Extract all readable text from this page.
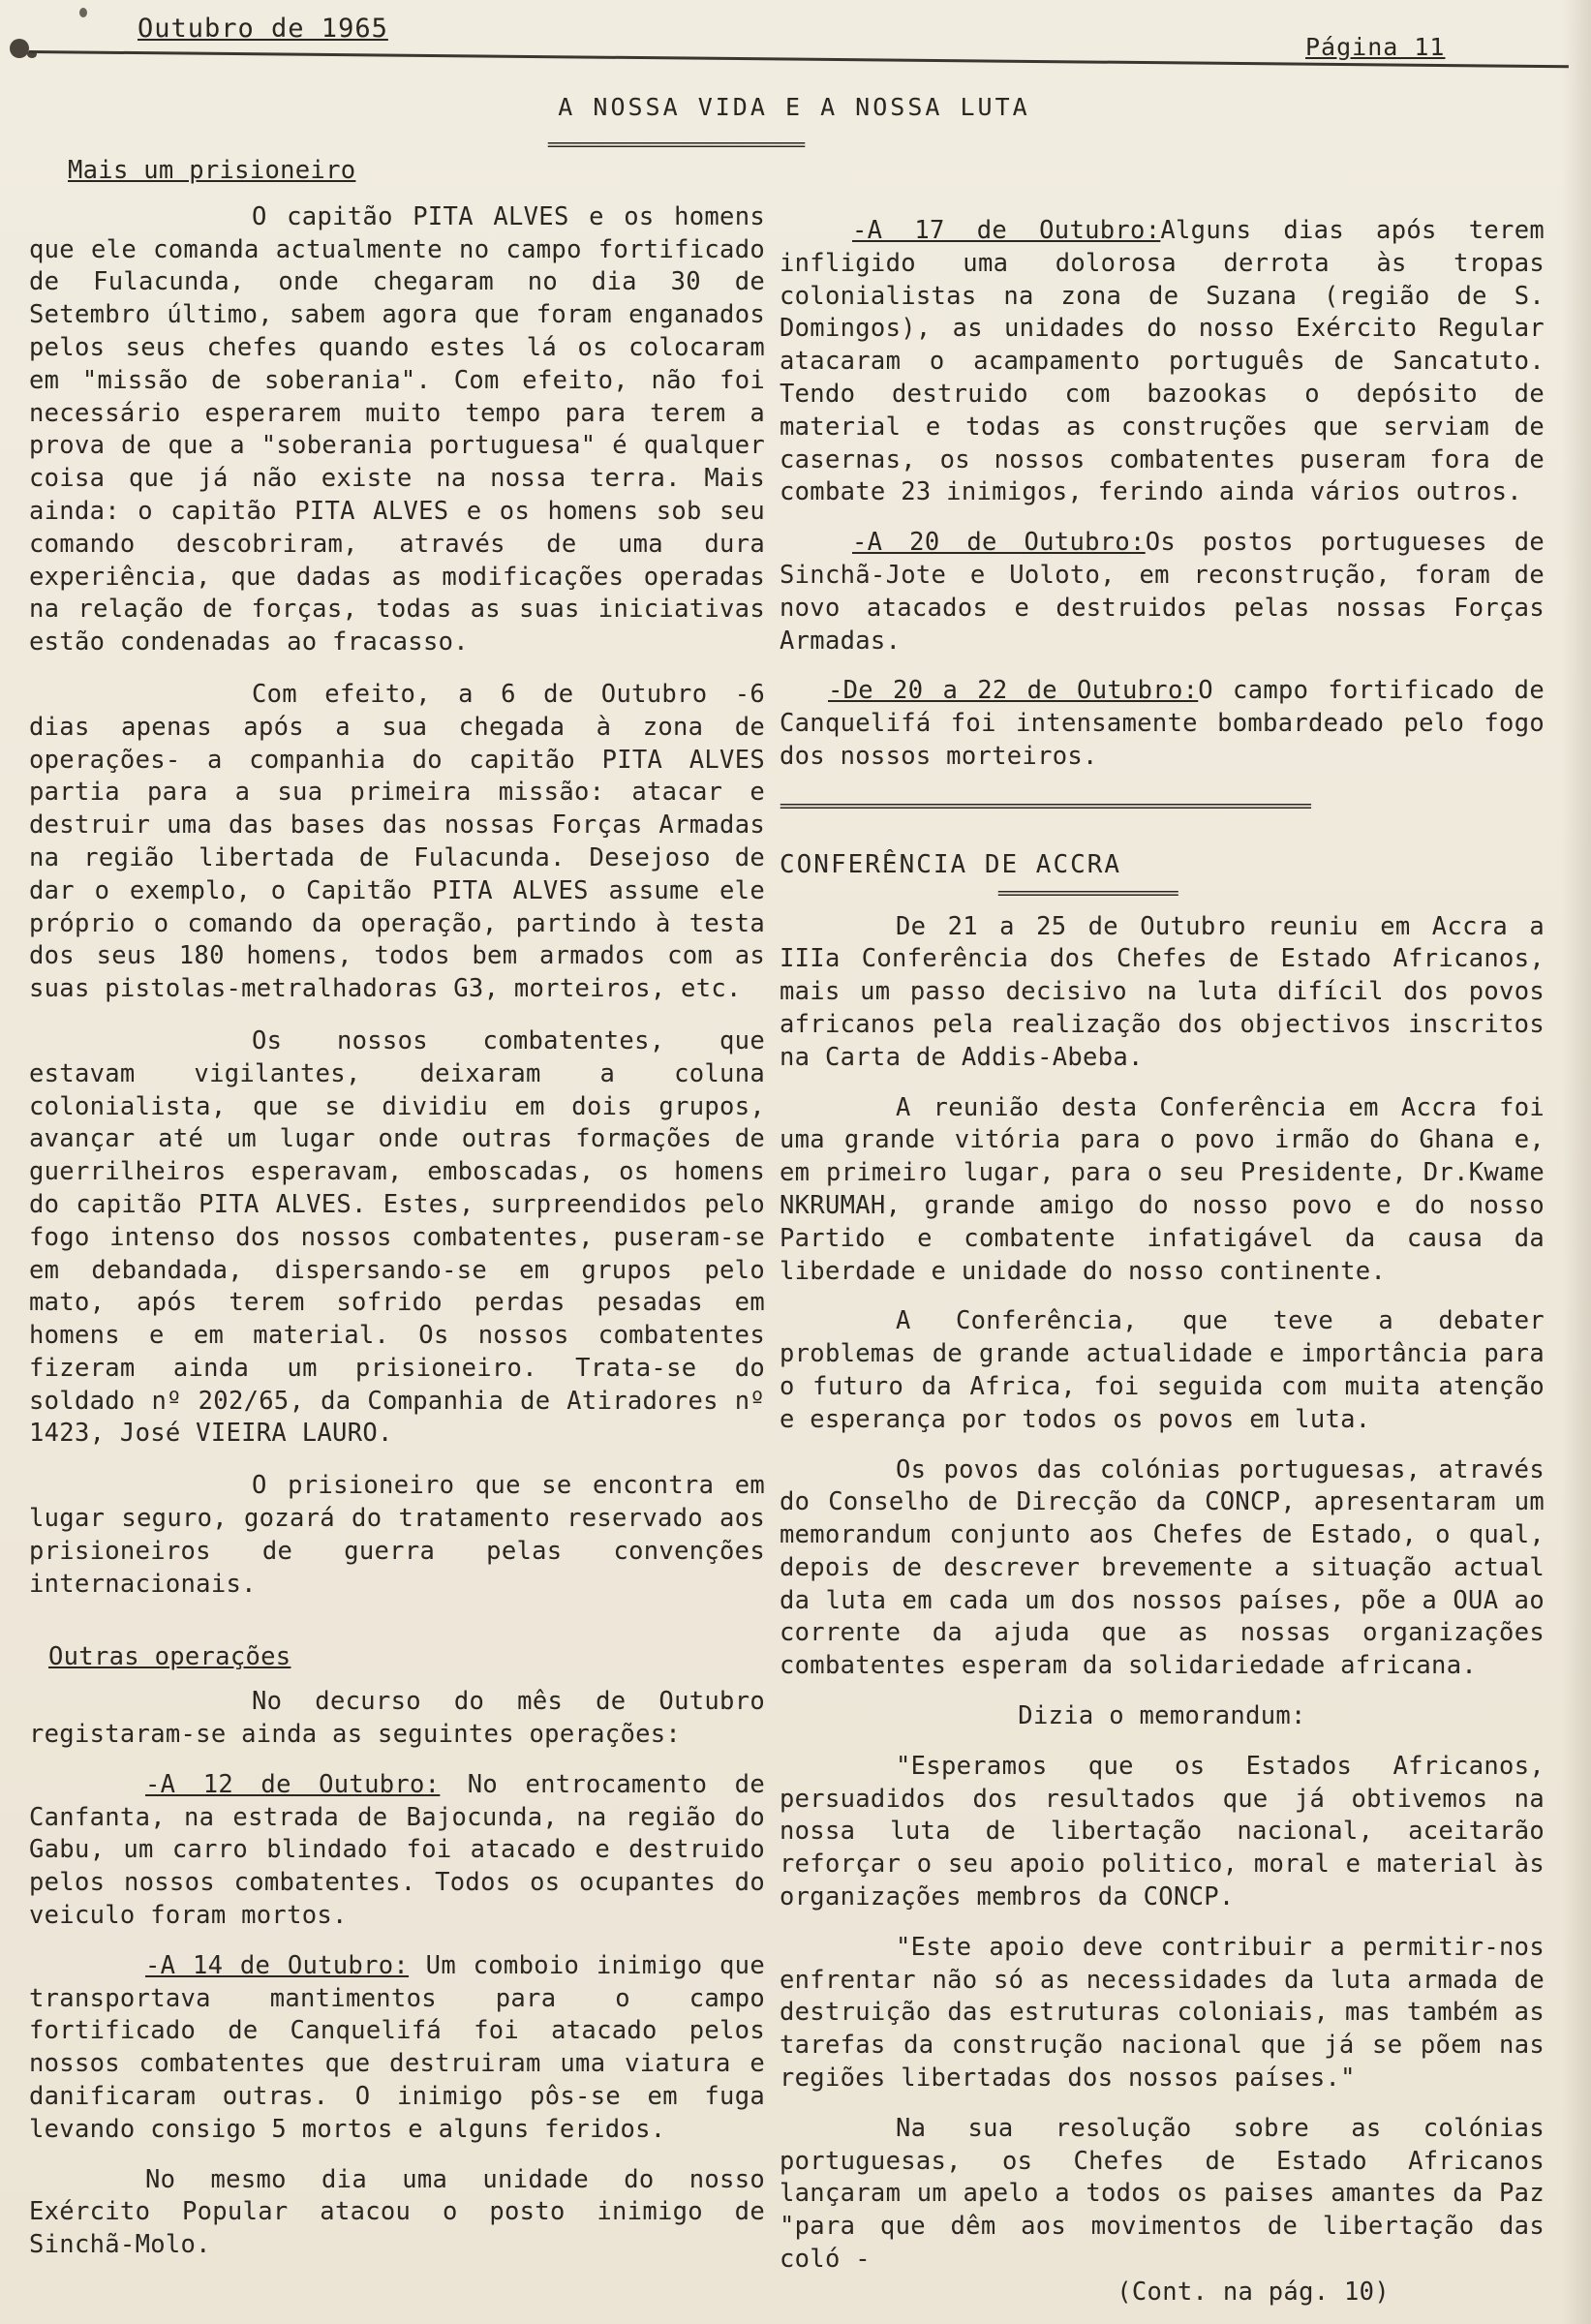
Outubro de 1965
Página 11
A NOSSA VIDA E A NOSSA LUTA
==============================

Mais um prisioneiro

O capitão PITA ALVES e os homens que ele comanda actualmente no campo fortificado de Fulacunda, onde chegaram no dia 30 de Setembro último, sabem agora que foram enganados pelos seus chefes quando estes lá os colocaram em "missão de soberania". Com efeito, não foi necessário esperarem muito tempo para terem a prova de que a "soberania portuguesa" é qualquer coisa que já não existe na nossa terra. Mais ainda: o capitão PITA ALVES e os homens sob seu comando descobriram, através de uma dura experiência, que dadas as modificações operadas na relação de forças, todas as suas iniciativas estão condenadas ao fracasso.

Com efeito, a 6 de Outubro -6 dias apenas após a sua chegada à zona de operações- a companhia do capitão PITA ALVES partia para a sua primeira missão: atacar e destruir uma das bases das nossas Forças Armadas na região libertada de Fulacunda. Desejoso de dar o exemplo, o Capitão PITA ALVES assume ele próprio o comando da operação, partindo à testa dos seus 180 homens, todos bem armados com as suas pistolas-metralhadoras G3, morteiros, etc.

Os nossos combatentes, que estavam vigilantes, deixaram a coluna colonialista, que se dividiu em dois grupos, avançar até um lugar onde outras formações de guerrilheiros esperavam, emboscadas, os homens do capitão PITA ALVES. Estes, surpreendidos pelo fogo intenso dos nossos combatentes, puseram-se em debandada, dispersando-se em grupos pelo mato, após terem sofrido perdas pesadas em homens e em material. Os nossos combatentes fizeram ainda um prisioneiro. Trata-se do soldado nº 202/65, da Companhia de Atiradores nº 1423, José VIEIRA LAURO.

O prisioneiro que se encontra em lugar seguro, gozará do tratamento reservado aos prisioneiros de guerra pelas convenções internacionais.

Outras operações

No decurso do mês de Outubro registaram-se ainda as seguintes operações:

-A 12 de Outubro: No entrocamento de Canfanta, na estrada de Bajocunda, na região do Gabu, um carro blindado foi atacado e destruido pelos nossos combatentes. Todos os ocupantes do veiculo foram mortos.

-A 14 de Outubro: Um comboio inimigo que transportava mantimentos para o campo fortificado de Canquelifá foi atacado pelos nossos combatentes que destruiram uma viatura e danificaram outras. O inimigo pôs-se em fuga levando consigo 5 mortos e alguns feridos.

No mesmo dia uma unidade do nosso Exército Popular atacou o posto inimigo de Sinchã-Molo.

-A 17 de Outubro:Alguns dias após terem infligido uma dolorosa derrota às tropas colonialistas na zona de Suzana (região de S. Domingos), as unidades do nosso Exército Regular atacaram o acampamento português de Sancatuto. Tendo destruido com bazookas o depósito de material e todas as construções que serviam de casernas, os nossos combatentes puseram fora de combate 23 inimigos, ferindo ainda vários outros.

-A 20 de Outubro:Os postos portugueses de Sinchã-Jote e Uoloto, em reconstrução, foram de novo atacados e destruidos pelas nossas Forças Armadas.

-De 20 a 22 de Outubro:O campo fortificado de Canquelifá foi intensamente bombardeado pelo fogo dos nossos morteiros.

==============================================================

CONFERÊNCIA DE ACCRA

=====================

De 21 a 25 de Outubro reuniu em Accra a IIIa Conferência dos Chefes de Estado Africanos, mais um passo decisivo na luta difícil dos povos africanos pela realização dos objectivos inscritos na Carta de Addis-Abeba.

A reunião desta Conferência em Accra foi uma grande vitória para o povo irmão do Ghana e, em primeiro lugar, para o seu Presidente, Dr.Kwame NKRUMAH, grande amigo do nosso povo e do nosso Partido e combatente infatigável da causa da liberdade e unidade do nosso continente.

A Conferência, que teve a debater problemas de grande actualidade e importância para o futuro da Africa, foi seguida com muita atenção e esperança por todos os povos em luta.

Os povos das colónias portuguesas, através do Conselho de Direcção da CONCP, apresentaram um memorandum conjunto aos Chefes de Estado, o qual, depois de descrever brevemente a situação actual da luta em cada um dos nossos países, põe a OUA ao corrente da ajuda que as nossas organizações combatentes esperam da solidariedade africana.

Dizia o memorandum:

"Esperamos que os Estados Africanos, persuadidos dos resultados que já obtivemos na nossa luta de libertação nacional, aceitarão reforçar o seu apoio politico, moral e material às organizações membros da CONCP.

"Este apoio deve contribuir a permitir-nos enfrentar não só as necessidades da luta armada de destruição das estruturas coloniais, mas também as tarefas da construção nacional que já se põem nas regiões libertadas dos nossos países."

Na sua resolução sobre as colónias portuguesas, os Chefes de Estado Africanos lançaram um apelo a todos os paises amantes da Paz "para que dêm aos movimentos de libertação das coló -

(Cont. na pág. 10)
